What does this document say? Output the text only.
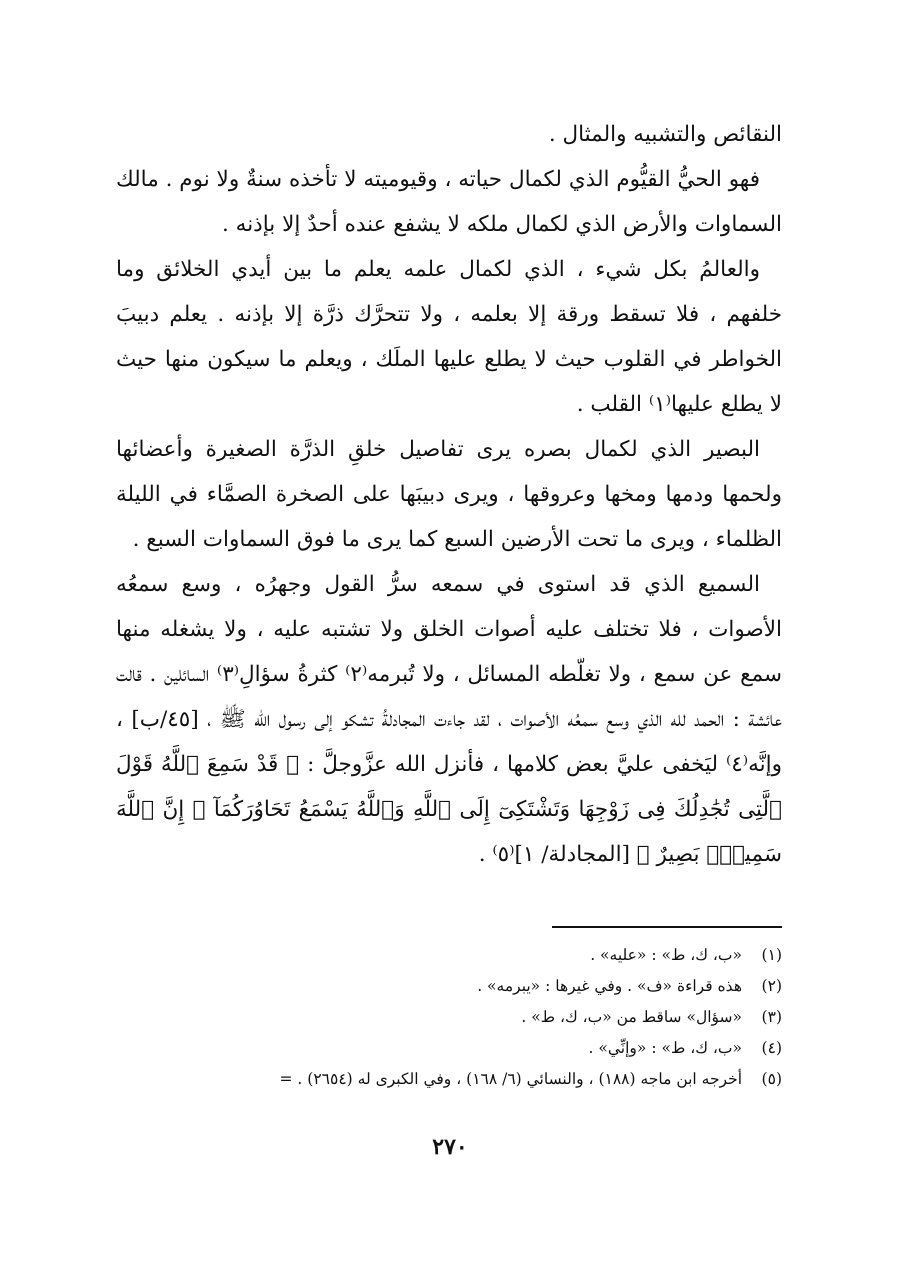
النقائص والتشبيه والمثال .

فهو الحيُّ القيُّوم الذي لكمال حياته ، وقيوميته لا تأخذه سنةٌ ولا نوم . مالك السماوات والأرض الذي لكمال ملكه لا يشفع عنده أحدٌ إلا بإذنه .

والعالمُ بكل شيء ، الذي لكمال علمه يعلم ما بين أيدي الخلائق وما خلفهم ، فلا تسقط ورقة إلا بعلمه ، ولا تتحرَّك ذرَّة إلا بإذنه . يعلم دبيبَ الخواطر في القلوب حيث لا يطلع عليها الملَك ، ويعلم ما سيكون منها حيث لا يطلع عليها⁽١⁾ القلب .

البصير الذي لكمال بصره يرى تفاصيل خلقِ الذرَّة الصغيرة وأعضائها ولحمها ودمها ومخها وعروقها ، ويرى دبيبَها على الصخرة الصمَّاء في الليلة الظلماء ، ويرى ما تحت الأرضين السبع كما يرى ما فوق السماوات السبع .

السميع الذي قد استوى في سمعه سرُّ القول وجهرُه ، وسع سمعُه الأصوات ، فلا تختلف عليه أصوات الخلق ولا تشتبه عليه ، ولا يشغله منها سمع عن سمع ، ولا تغلّطه المسائل ، ولا تُبرمه⁽٢⁾ كثرةُ سؤالِ⁽٣⁾ السائلين . قالت عائشة : الحمد لله الذي وسع سمعُه الأصوات ، لقد جاءت المجادلةُ تشكو إلى رسول الله ﷺ ، [٤٥/ب] ، وإنَّه⁽٤⁾ ليَخفى عليَّ بعض كلامها ، فأنزل الله عزَّوجلَّ : ﴿ قَدْ سَمِعَ ٱللَّهُ قَوْلَ ٱلَّتِى تُجَٰدِلُكَ فِى زَوْجِهَا وَتَشْتَكِىٓ إِلَى ٱللَّهِ وَٱللَّهُ يَسْمَعُ تَحَاوُرَكُمَآ ۚ إِنَّ ٱللَّهَ سَمِيعٌۢ بَصِيرٌ ﴾ [المجادلة/ ١]⁽٥⁾ .

(١)«ب، ك، ط» : «عليه» .
(٢)هذه قراءة «ف» . وفي غيرها : «يبرمه» .
(٣)«سؤال» ساقط من «ب، ك، ط» .
(٤)«ب، ك، ط» : «وإنِّي» .
(٥)أخرجه ابن ماجه (١٨٨) ، والنسائي (٦/ ١٦٨) ، وفي الكبرى له (٢٦٥٤) . =
٢٧٠
